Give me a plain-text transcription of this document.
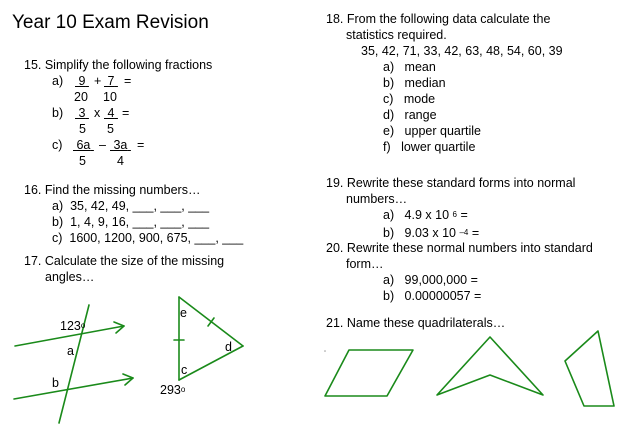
Year 10 Exam Revision
15. Simplify the following fractions
a) 9 + 7 =
20 10
b) 3 x 4 =
5 5
c) 6a – 3a =
5 4
16. Find the missing numbers…
a) 35, 42, 49, ___, ___, ___
b) 1, 4, 9, 16, ___, ___, ___
c) 1600, 1200, 900, 675, ___, ___
17. Calculate the size of the missing
angles…
123$^o$
a
b
e
d
c
293$^o$
18. From the following data calculate the
statistics required.
35, 42, 71, 33, 42, 63, 48, 54, 60, 39
a) mean
b) median
c) mode
d) range
e) upper quartile
f) lower quartile
19. Rewrite these standard forms into normal
numbers…
a) 4.9 x 10 $^6$ =
b) 9.03 x 10 $^{-4}$ =
20. Rewrite these normal numbers into standard
form…
a) 99,000,000 =
b) 0.00000057 =
21. Name these quadrilaterals…
